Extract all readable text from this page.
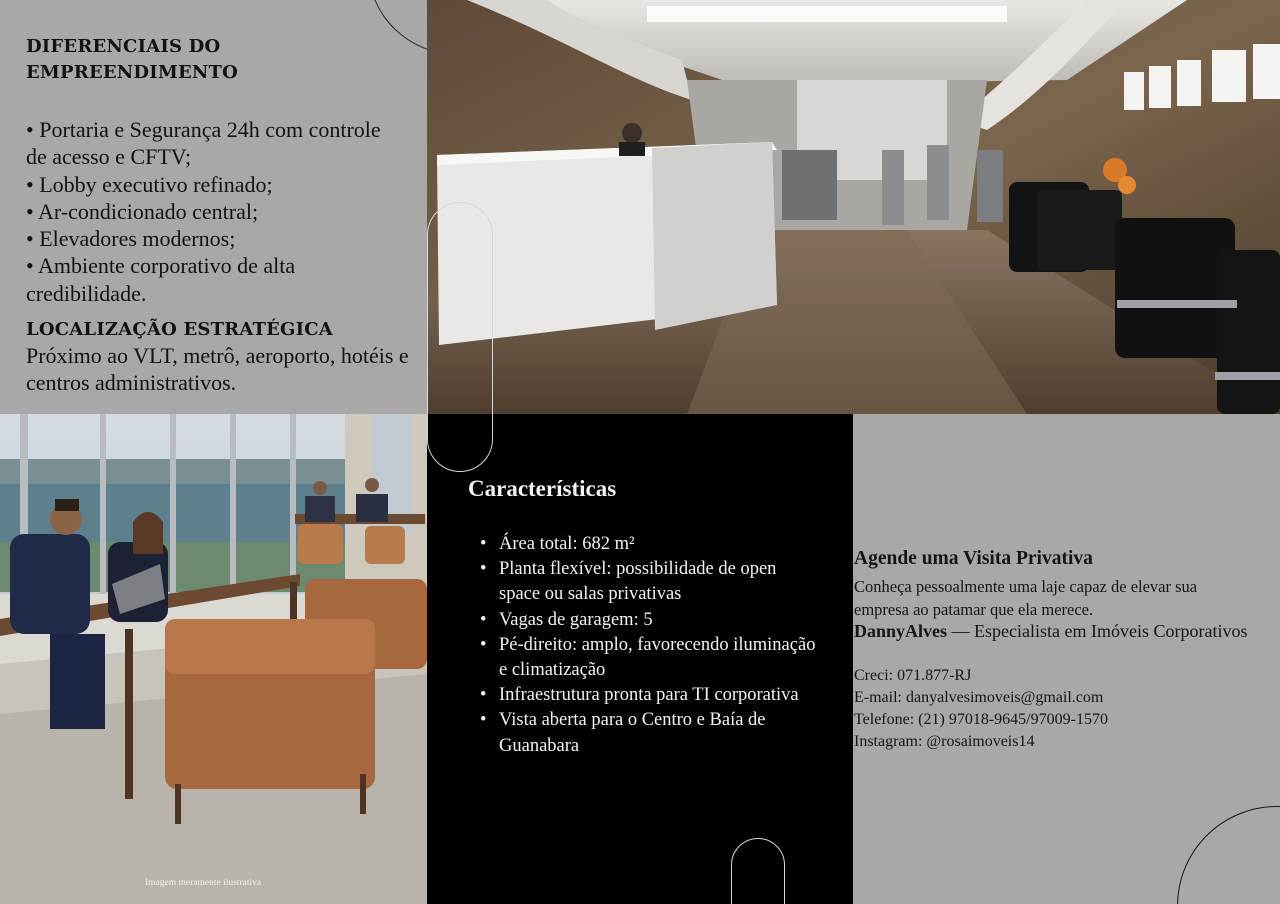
DIFERENCIAIS DO
EMPREENDIMENTO
• Portaria e Segurança 24h com controle de acesso e CFTV;
• Lobby executivo refinado;
• Ar-condicionado central;
• Elevadores modernos;
• Ambiente corporativo de alta credibilidade.
LOCALIZAÇÃO ESTRATÉGICA
Próximo ao VLT, metrô, aeroporto, hotéis e centros administrativos.
Imagem meramente ilustrativa
Características
• Área total: 682 m²
• Planta flexível: possibilidade de open space ou salas privativas
• Vagas de garagem: 5
• Pé-direito: amplo, favorecendo iluminação e climatização
• Infraestrutura pronta para TI corporativa
• Vista aberta para o Centro e Baía de Guanabara
Agende uma Visita Privativa
Conheça pessoalmente uma laje capaz de elevar sua empresa ao patamar que ela merece.
DannyAlves — Especialista em Imóveis Corporativos
Creci: 071.877-RJ
E-mail: danyalvesimoveis@gmail.com
Telefone: (21) 97018-9645/97009-1570
Instagram: @rosaimoveis14
